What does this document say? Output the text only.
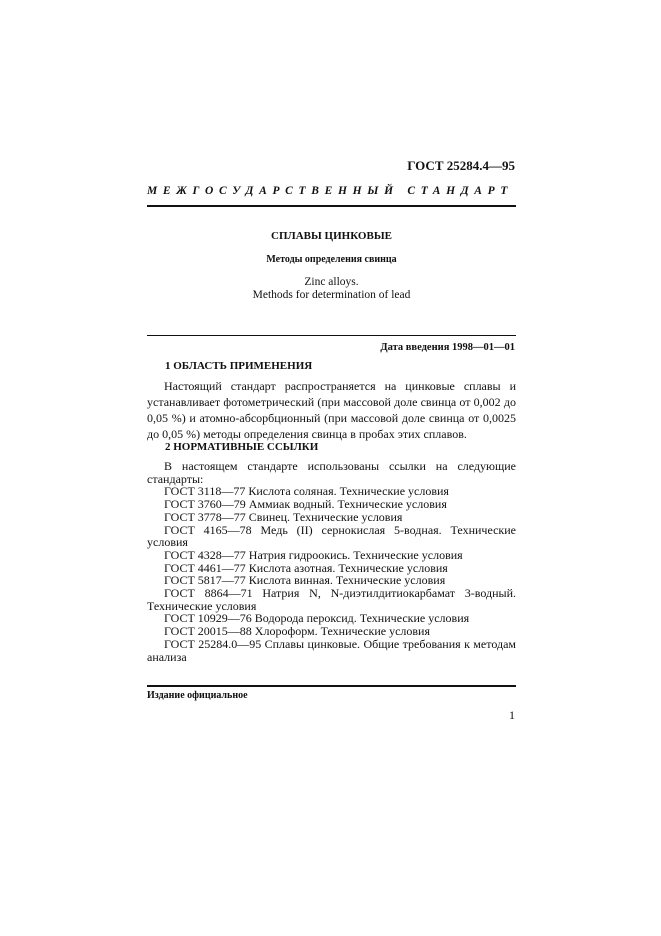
ГОСТ 25284.4—95
МЕЖГОСУДАРСТВЕННЫЙ СТАНДАРТ
СПЛАВЫ ЦИНКОВЫЕ
Методы определения свинца
Zinc alloys.
Methods for determination of lead
Дата введения 1998—01—01
1 ОБЛАСТЬ ПРИМЕНЕНИЯ
Настоящий стандарт распространяется на цинковые сплавы и устанавливает фотометрический (при массовой доле свинца от 0,002 до 0,05 %) и атомно-абсорбционный (при массовой доле свинца от 0,0025 до 0,05 %) методы определения свинца в пробах этих сплавов.
2 НОРМАТИВНЫЕ ССЫЛКИ
В настоящем стандарте использованы ссылки на следующие стандарты:
ГОСТ 3118—77 Кислота соляная. Технические условия
ГОСТ 3760—79 Аммиак водный. Технические условия
ГОСТ 3778—77 Свинец. Технические условия
ГОСТ 4165—78 Медь (II) сернокислая 5-водная. Технические условия
ГОСТ 4328—77 Натрия гидроокись. Технические условия
ГОСТ 4461—77 Кислота азотная. Технические условия
ГОСТ 5817—77 Кислота винная. Технические условия
ГОСТ 8864—71 Натрия N, N-диэтилдитиокарбамат 3-водный. Технические условия
ГОСТ 10929—76 Водорода пероксид. Технические условия
ГОСТ 20015—88 Хлороформ. Технические условия
ГОСТ 25284.0—95 Сплавы цинковые. Общие требования к методам анализа
Издание официальное
1
